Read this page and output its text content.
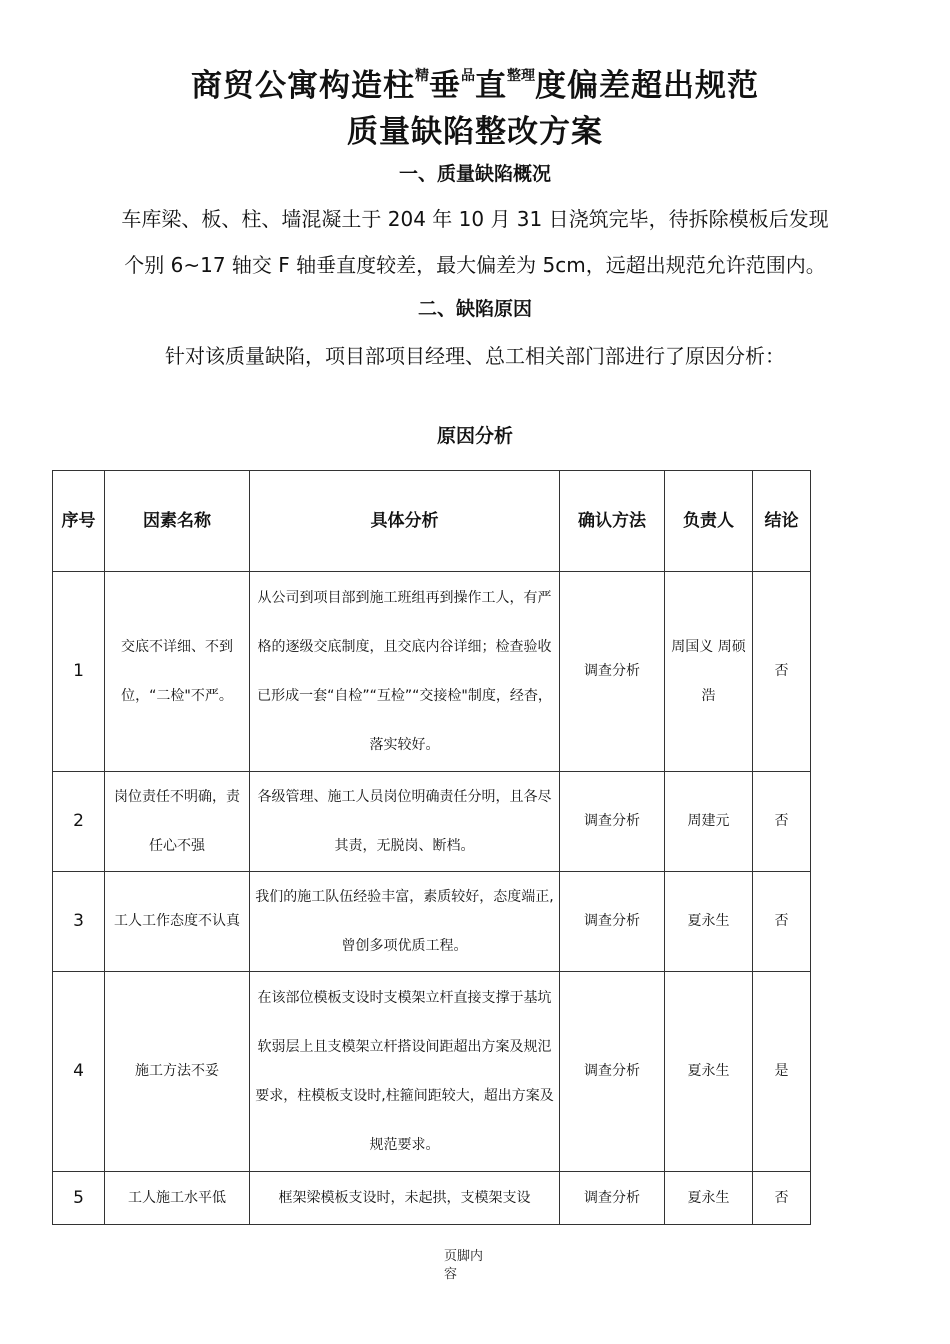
商贸公寓构造柱$^精$垂$^品$直$^{整理}$度偏差超出规范
质量缺陷整改方案
一、质量缺陷概况
车库梁、板、柱、墙混凝土于 204 年 10 月 31 日浇筑完毕，待拆除模板后发现
个别 6~17 轴交 F 轴垂直度较差，最大偏差为 5cm，远超出规范允许范围内。
二、缺陷原因
针对该质量缺陷，项目部项目经理、总工相关部门部进行了原因分析：
原因分析
序号	因素名称	具体分析	确认方法	负责人	结论
1	交底不详细、不到位，“二检"不严。	从公司到项目部到施工班组再到操作工人，有严格的逐级交底制度，且交底内谷详细；检查验收已形成一套“自检”“互检”“交接检"制度，经杳，落实较好。	调查分析	周国义 周硕浩	否
2	岗位责任不明确，责任心不强	各级管理、施工人员岗位明确责任分明，且各尽其责，无脱岗、断档。	调查分析	周建元	否
3	工人工作态度不认真	我们的施工队伍经验丰富，素质较好，态度端正,曾创多项优质工程。	调查分析	夏永生	否
4	施工方法不妥	在该部位模板支设时支模架立杆直接支撑于基坑软弱层上且支模架立杆搭设间距超出方案及规氾要求，柱模板支设时,柱箍间距较大，超出方案及规范要求。	调查分析	夏永生	是
5	工人施工水平低	框架梁模板支设时，未起拱，支模架支设	调查分析	夏永生	否
页脚内容
